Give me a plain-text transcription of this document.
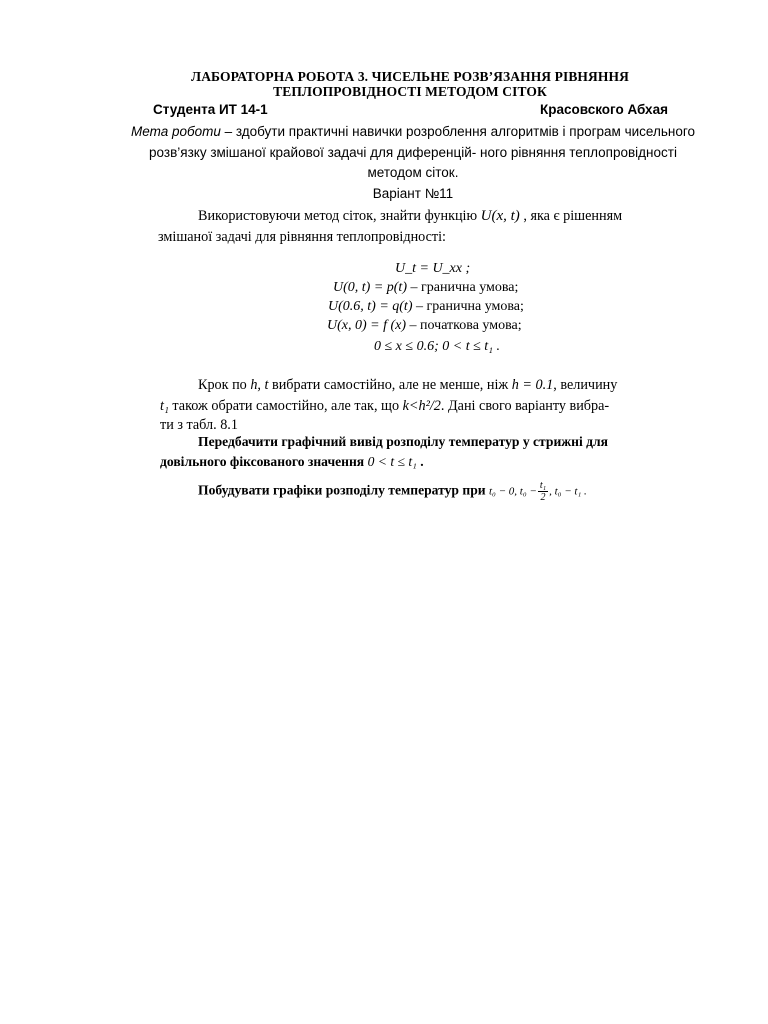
ЛАБОРАТОРНА РОБОТА 3. ЧИСЕЛЬНЕ РОЗВ’ЯЗАННЯ РІВНЯННЯ
ТЕПЛОПРОВІДНОСТІ МЕТОДОМ СІТОК
Студента ИТ 14-1	Красовского Абхая
Мета роботи – здобути практичні навички розроблення алгоритмів і програм чисельного
розв’язку змішаної крайової задачі для диференцій- ного рівняння теплопровідності
методом сіток.
Варіант №11
Використовуючи метод сіток, знайти функцію U(x, t) , яка є рішенням
змішаної задачі для рівняння теплопровідності:
U_t = U_xx ;
U(0, t) = p(t) – гранична умова;
U(0.6, t) = q(t) – гранична умова;
U(x, 0) = f (x) – початкова умова;
0 ≤ x ≤ 0.6; 0 < t ≤ t₁ .
Крок по h, t вибрати самостійно, але не менше, ніж h = 0.1, величину
t₁ також обрати самостійно, але так, що k<h²/2. Дані свого варіанту вибра-
ти з табл. 8.1
Передбачити графічний вивід розподілу температур у стрижні для
довільного фіксованого значення 0 < t ≤ t₁ .
Побудувати графіки розподілу температур при t₀ − 0, $t_0 - \frac{\text{t₁}}{2}$ , t₀ − t₁ .
